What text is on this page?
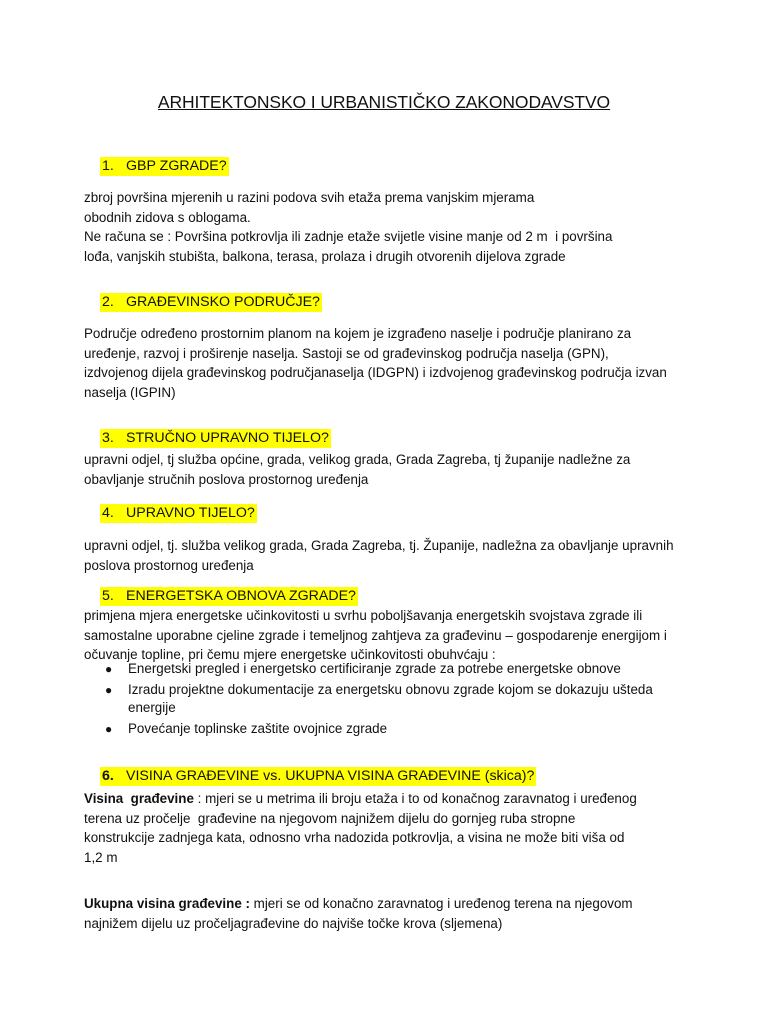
ARHITEKTONSKO I URBANISTIČKO ZAKONODAVSTVO
1. GBP ZGRADE?

zbroj površina mjerenih u razini podova svih etaža prema vanjskim mjerama

obodnih zidova s oblogama.

Ne računa se : Površina potkrovlja ili zadnje etaže svijetle visine manje od 2 m  i površina

lođa, vanjskih stubišta, balkona, terasa, prolaza i drugih otvorenih dijelova zgrade

2. GRAĐEVINSKO PODRUČJE?

Područje određeno prostornim planom na kojem je izgrađeno naselje i područje planirano za

uređenje, razvoj i proširenje naselja. Sastoji se od građevinskog područja naselja (GPN),

izdvojenog dijela građevinskog područjanaselja (IDGPN) i izdvojenog građevinskog područja izvan

naselja (IGPIN)

3. STRUČNO UPRAVNO TIJELO?

upravni odjel, tj služba općine, grada, velikog grada, Grada Zagreba, tj županije nadležne za

obavljanje stručnih poslova prostornog uređenja

4. UPRAVNO TIJELO?

upravni odjel, tj. služba velikog grada, Grada Zagreba, tj. Županije, nadležna za obavljanje upravnih

poslova prostornog uređenja

5. ENERGETSKA OBNOVA ZGRADE?

primjena mjera energetske učinkovitosti u svrhu poboljšavanja energetskih svojstava zgrade ili

samostalne uporabne cjeline zgrade i temeljnog zahtjeva za građevinu – gospodarenje energijom i

očuvanje topline, pri čemu mjere energetske učinkovitosti obuhvćaju :

● Energetski pregled i energetsko certificiranje zgrade za potrebe energetske obnove
● Izradu projektne dokumentacije za energetsku obnovu zgrade kojom se dokazuju ušteda
energije
● Povećanje toplinske zaštite ovojnice zgrade
6. VISINA GRAĐEVINE vs. UKUPNA VISINA GRAĐEVINE (skica)?

Visina  građevine : mjeri se u metrima ili broju etaža i to od konačnog zaravnatog i uređenog

terena uz pročelje  građevine na njegovom najnižem dijelu do gornjeg ruba stropne

konstrukcije zadnjega kata, odnosno vrha nadozida potkrovlja, a visina ne može biti viša od

1,2 m

Ukupna visina građevine : mjeri se od konačno zaravnatog i uređenog terena na njegovom

najnižem dijelu uz pročeljagrađevine do najviše točke krova (sljemena)
